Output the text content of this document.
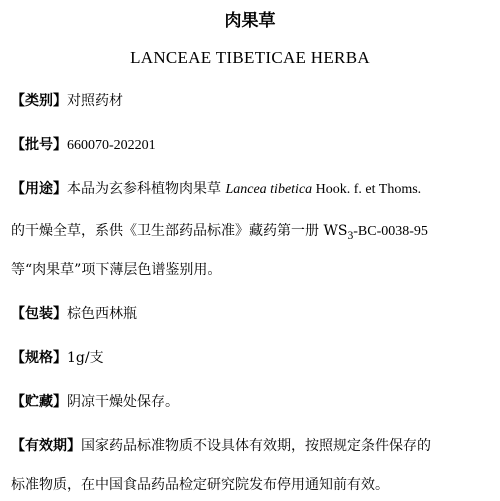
肉果草
LANCEAE TIBETICAE HERBA
【类别】对照药材
【批号】660070-202201
【用途】本品为玄参科植物肉果草 Lancea tibetica Hook. f. et Thoms.
的干燥全草，系供《卫生部药品标准》藏药第一册 $WS_3-BC-0038-95$
等“肉果草”项下薄层色谱鉴别用。
【包装】棕色西林瓶
【规格】1g/支
【贮藏】阴凉干燥处保存。
【有效期】国家药品标准物质不设具体有效期，按照规定条件保存的
标准物质，在中国食品药品检定研究院发布停用通知前有效。
